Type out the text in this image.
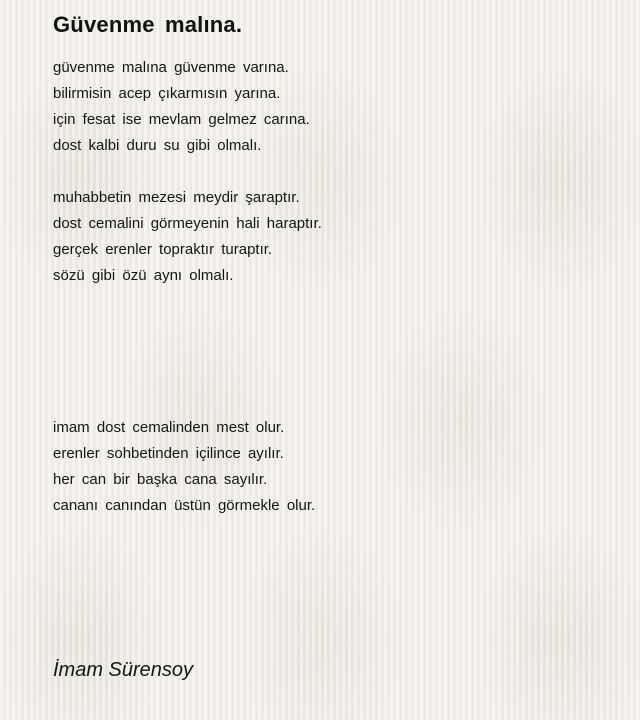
Güvenme malına.
güvenme malına güvenme varına.
bilirmisin acep çıkarmısın yarına.
için fesat ise mevlam gelmez carına.
dost kalbi duru su gibi olmalı.
muhabbetin mezesi meydir şaraptır.
dost cemalini görmeyenin hali haraptır.
gerçek erenler topraktır turaptır.
sözü gibi özü aynı olmalı.
imam dost cemalinden mest olur.
erenler sohbetinden içilince ayılır.
her can bir başka cana sayılır.
cananı canından üstün görmekle olur.

İmam Sürensoy
